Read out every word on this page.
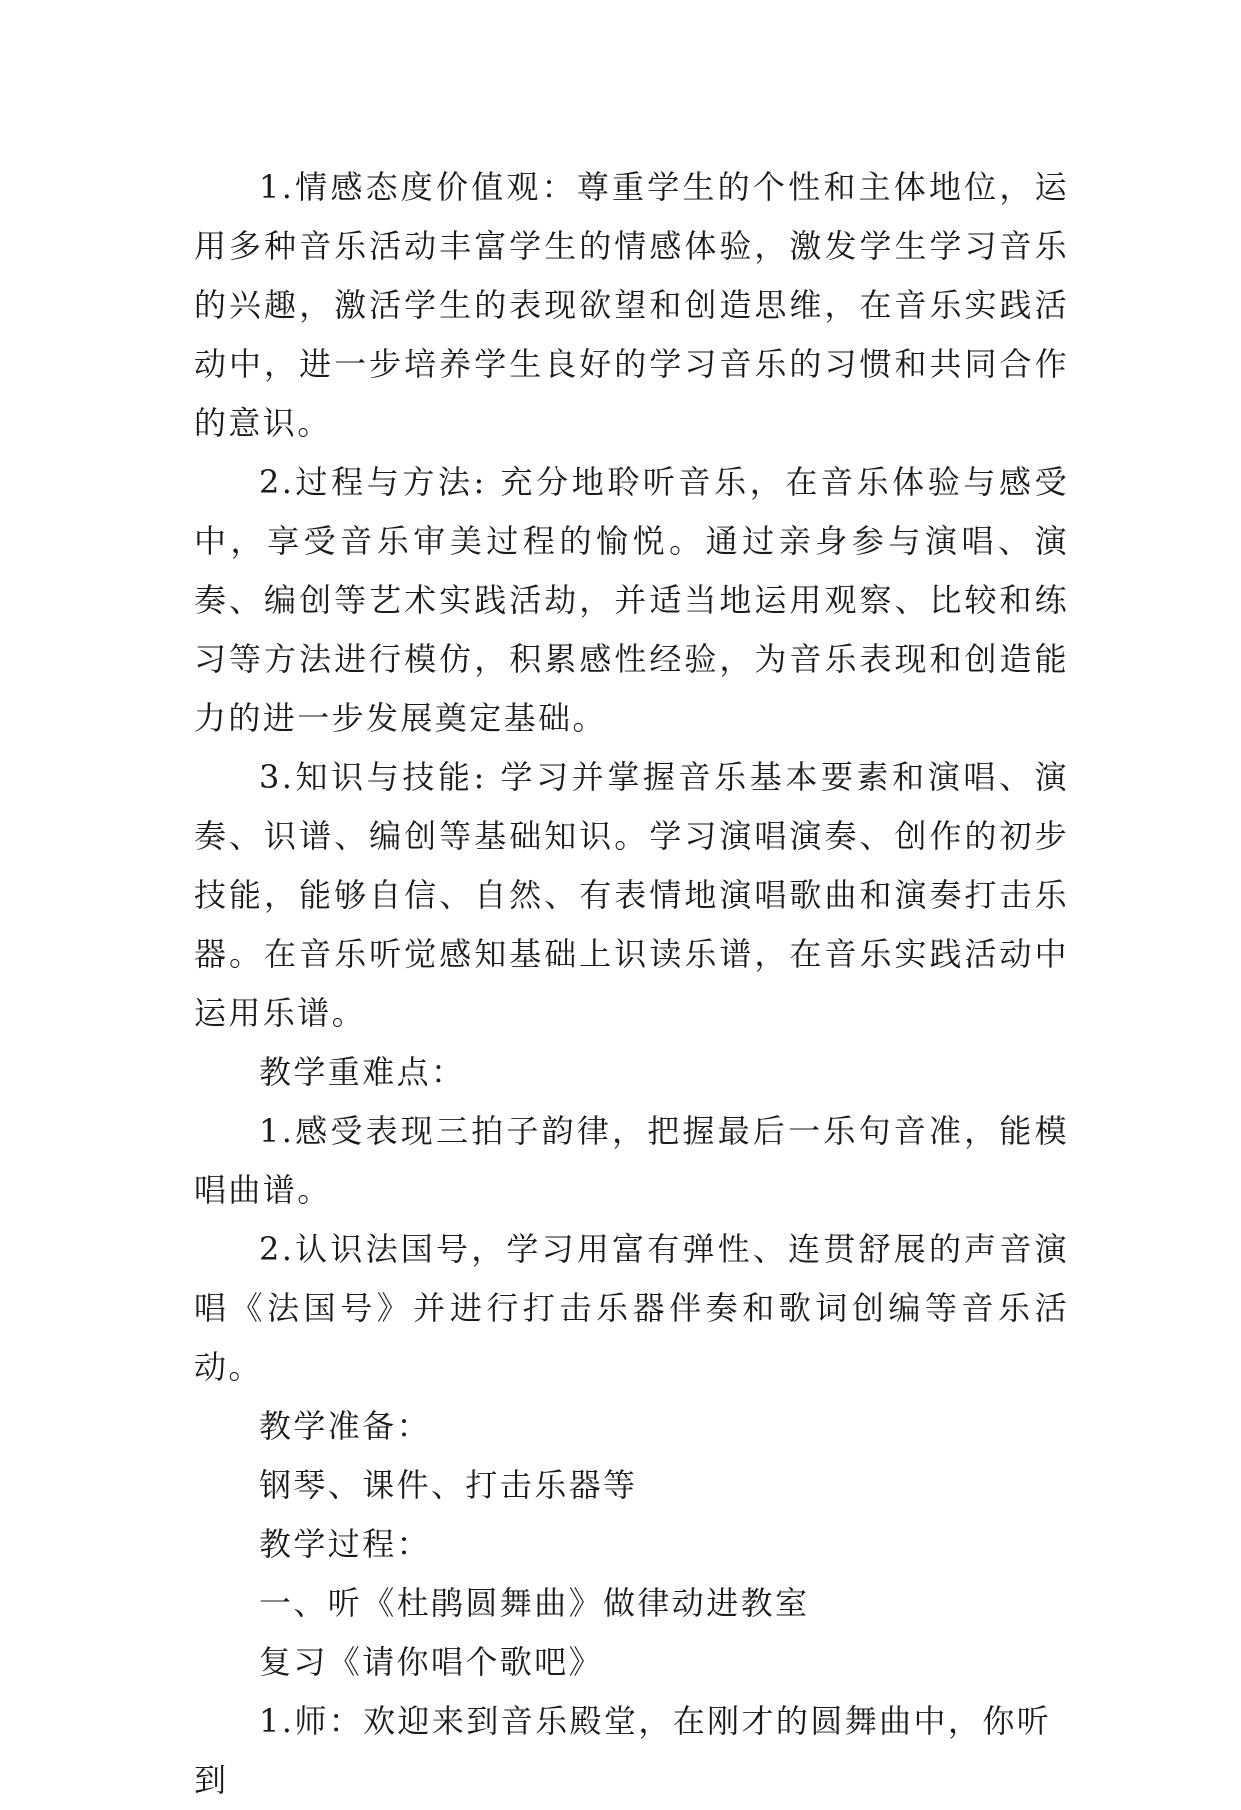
1.情感态度价值观：尊重学生的个性和主体地位，运用多种音乐活动丰富学生的情感体验，激发学生学习音乐的兴趣，激活学生的表现欲望和创造思维，在音乐实践活动中，进一步培养学生良好的学习音乐的习惯和共同合作的意识。

2.过程与方法: 充分地聆听音乐，在音乐体验与感受中，享受音乐审美过程的愉悦。通过亲身参与演唱、演奏、编创等艺术实践活劫，并适当地运用观察、比较和练习等方法进行模仿，积累感性经验，为音乐表现和创造能力的进一步发展奠定基础。

3.知识与技能: 学习并掌握音乐基本要素和演唱、演奏、识谱、编创等基础知识。学习演唱演奏、创作的初步技能，能够自信、自然、有表情地演唱歌曲和演奏打击乐器。在音乐听觉感知基础上识读乐谱，在音乐实践活动中运用乐谱。

教学重难点：

1.感受表现三拍子韵律，把握最后一乐句音准，能模唱曲谱。

2.认识法国号，学习用富有弹性、连贯舒展的声音演唱《法国号》并进行打击乐器伴奏和歌词创编等音乐活动。

教学准备：

钢琴、课件、打击乐器等

教学过程：

一、听《杜鹃圆舞曲》做律动进教室

复习《请你唱个歌吧》

1.师：欢迎来到音乐殿堂，在刚才的圆舞曲中，你听到
